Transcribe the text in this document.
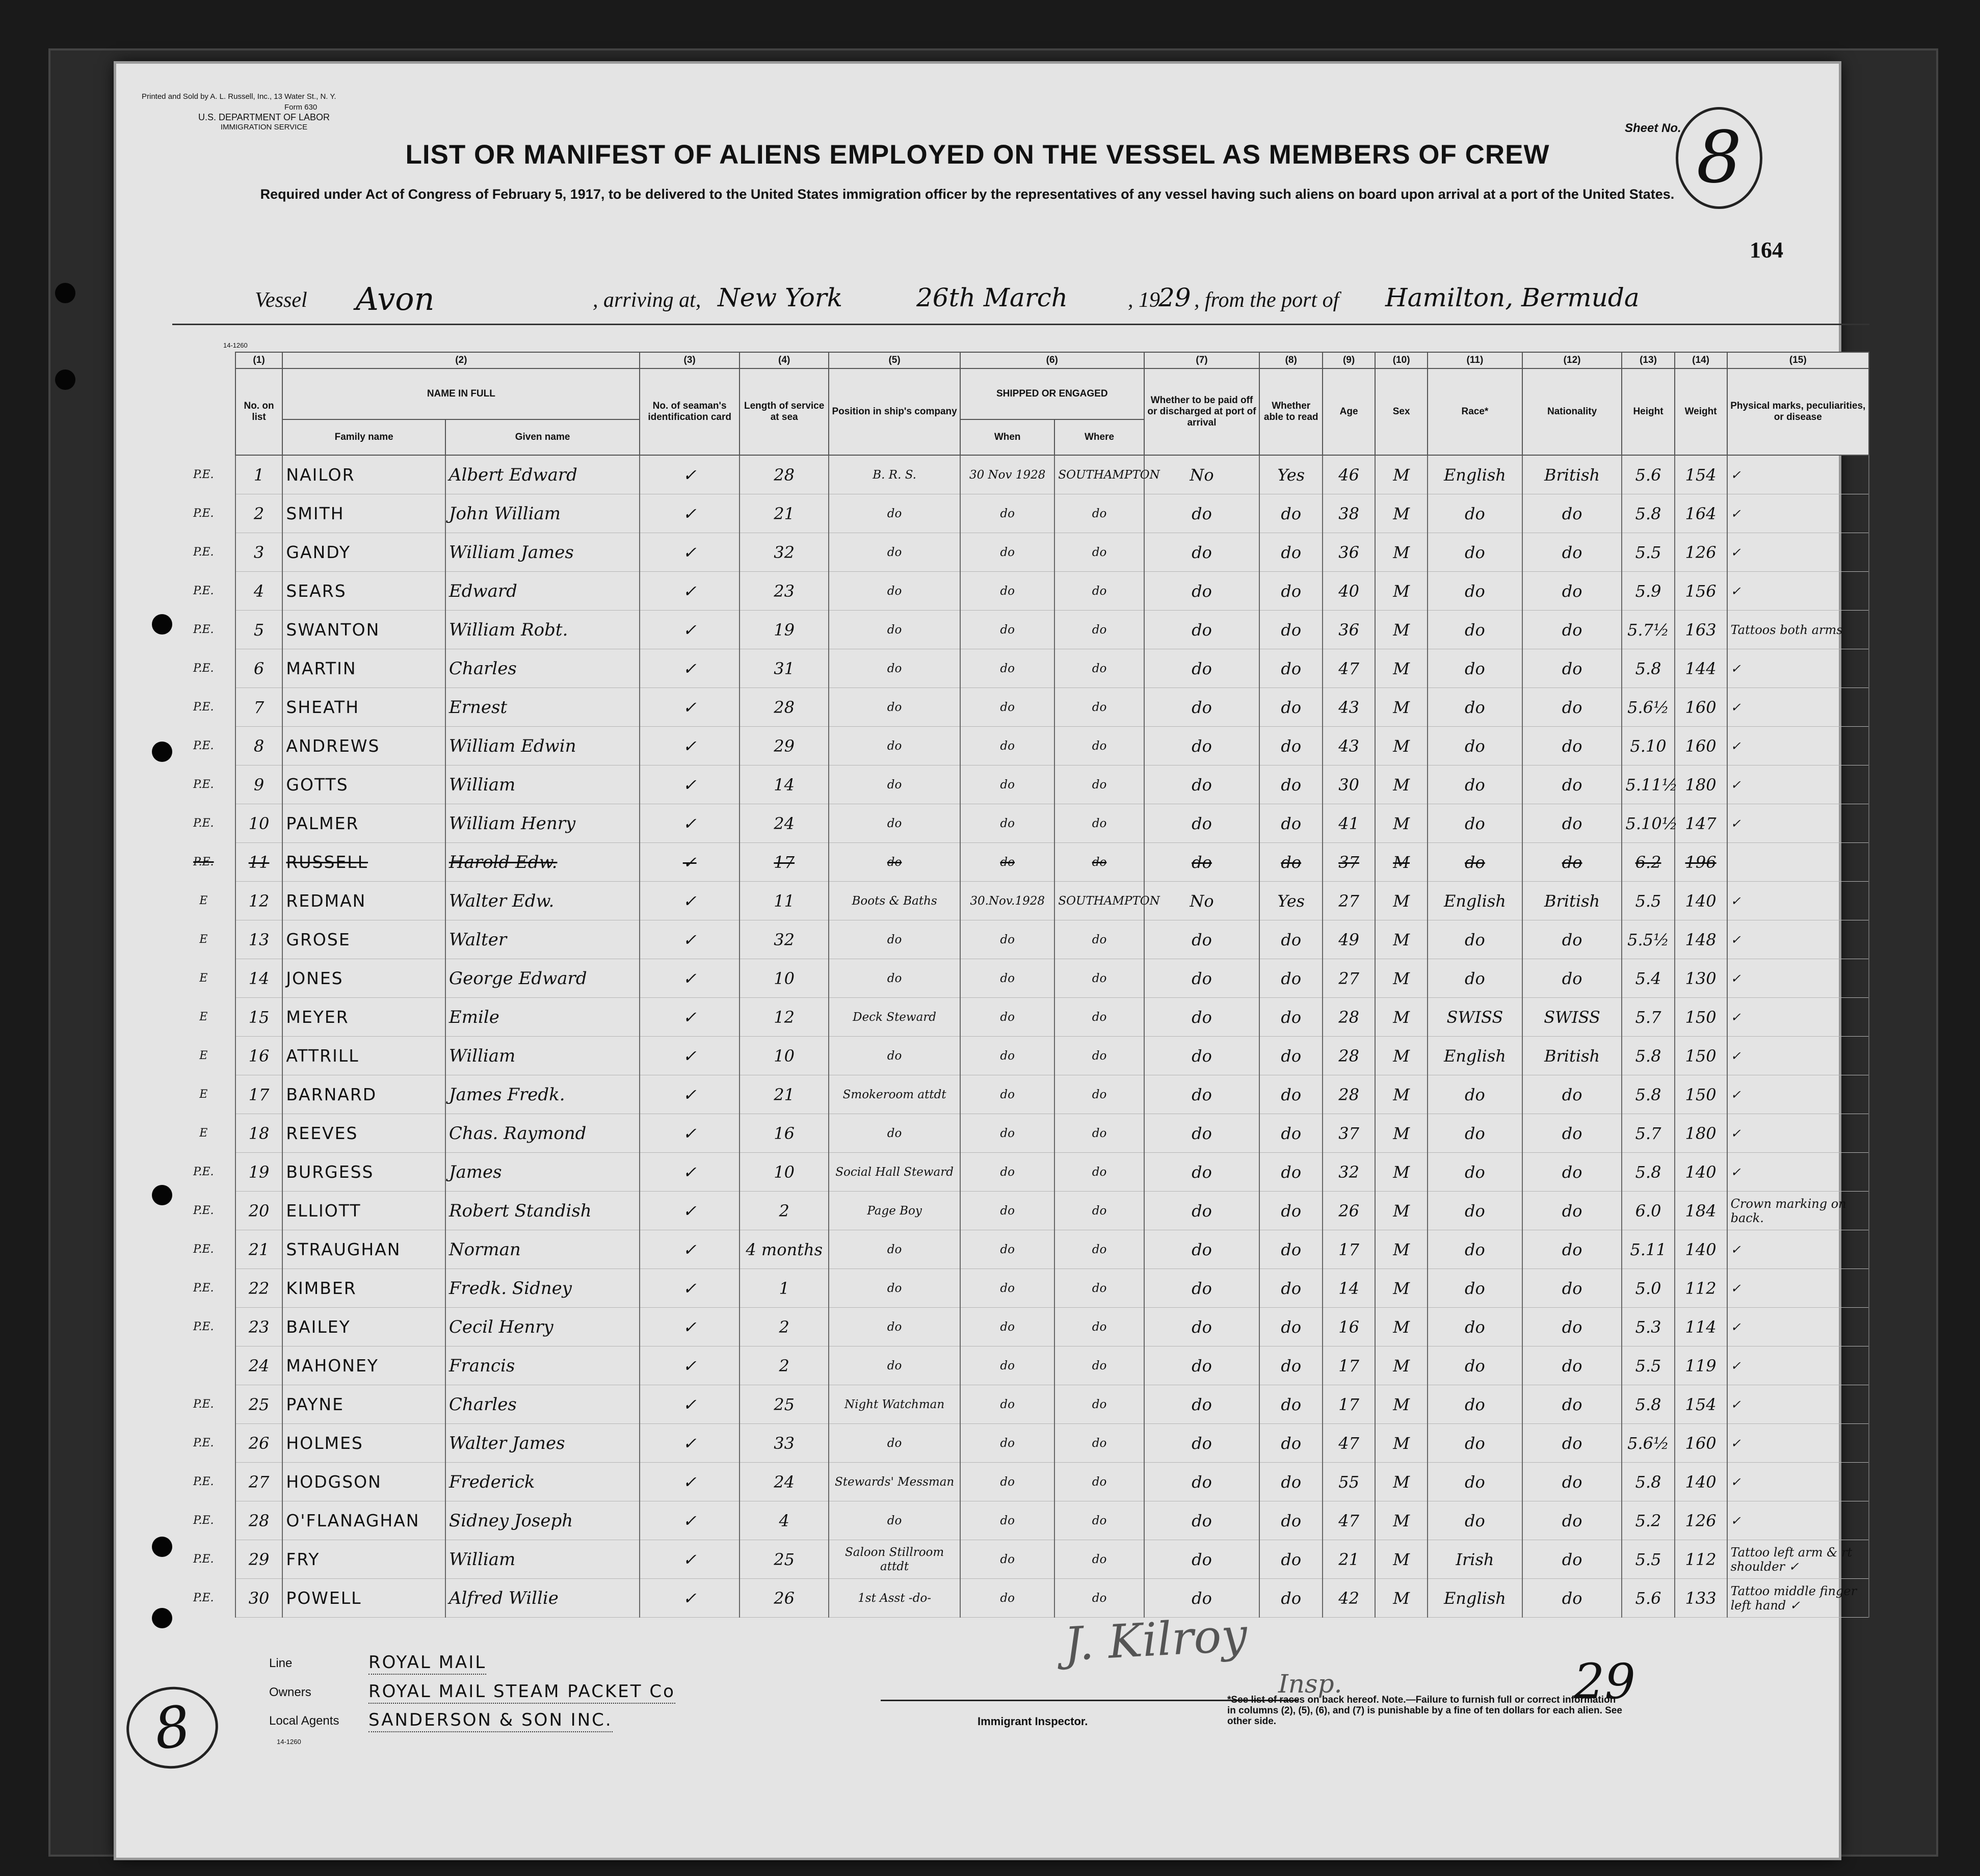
Printed and Sold by A. L. Russell, Inc., 13 Water St., N. Y.
Form 630
U.S. DEPARTMENT OF LABOR
IMMIGRATION SERVICE
LIST OR MANIFEST OF ALIENS EMPLOYED ON THE VESSEL AS MEMBERS OF CREW
Required under Act of Congress of February 5, 1917, to be delivered to the United States immigration officer by the representatives of any vessel having such aliens on board upon arrival at a port of the United States.
Sheet No. 8
164
Vessel Avon	, arriving at, New York	26th March	, 19
29 , from the port of Hamilton, Bermuda
14-1260
	(1)	(2)		(3)	(4)	(5)	(6)		(7)	(8)	(9)	(10)	(11)	(12)	(13)	(14)	(15)
	No. on list	NAME IN FULL		No. of seaman's identification card	Length of service at sea	Position in ship's company	SHIPPED OR ENGAGED		Whether to be paid off or discharged at port of arrival	Whether able to read	Age	Sex	Race*	Nationality	Height	Weight	Physical marks, peculiarities, or disease
		Family name	Given name				When	Where									
P.E.	1	NAILOR	Albert Edward	✓	28	B. R. S.	30 Nov 1928	SOUTHAMPTON	No	Yes	46	M	English	British	5.6	154	✓
P.E.	2	SMITH	John William	✓	21	do	do	do	do	do	38	M	do	do	5.8	164	✓
P.E.	3	GANDY	William James	✓	32	do	do	do	do	do	36	M	do	do	5.5	126	✓
P.E.	4	SEARS	Edward	✓	23	do	do	do	do	do	40	M	do	do	5.9	156	✓
P.E.	5	SWANTON	William Robt.	✓	19	do	do	do	do	do	36	M	do	do	5.7½	163	Tattoos both arms
P.E.	6	MARTIN	Charles	✓	31	do	do	do	do	do	47	M	do	do	5.8	144	✓
P.E.	7	SHEATH	Ernest	✓	28	do	do	do	do	do	43	M	do	do	5.6½	160	✓
P.E.	8	ANDREWS	William Edwin	✓	29	do	do	do	do	do	43	M	do	do	5.10	160	✓
P.E.	9	GOTTS	William	✓	14	do	do	do	do	do	30	M	do	do	5.11½	180	✓
P.E.	10	PALMER	William Henry	✓	24	do	do	do	do	do	41	M	do	do	5.10½	147	✓
P.E.	11	RUSSELL	Harold Edw.	✓	17	do	do	do	do	do	37	M	do	do	6.2	196	
E	12	REDMAN	Walter Edw.	✓	11	Boots & Baths	30.Nov.1928	SOUTHAMPTON	No	Yes	27	M	English	British	5.5	140	✓
E	13	GROSE	Walter	✓	32	do	do	do	do	do	49	M	do	do	5.5½	148	✓
E	14	JONES	George Edward	✓	10	do	do	do	do	do	27	M	do	do	5.4	130	✓
E	15	MEYER	Emile	✓	12	Deck Steward	do	do	do	do	28	M	SWISS	SWISS	5.7	150	✓
E	16	ATTRILL	William	✓	10	do	do	do	do	do	28	M	English	British	5.8	150	✓
E	17	BARNARD	James Fredk.	✓	21	Smokeroom attdt	do	do	do	do	28	M	do	do	5.8	150	✓
E	18	REEVES	Chas. Raymond	✓	16	do	do	do	do	do	37	M	do	do	5.7	180	✓
P.E.	19	BURGESS	James	✓	10	Social Hall Steward	do	do	do	do	32	M	do	do	5.8	140	✓
P.E.	20	ELLIOTT	Robert Standish	✓	2	Page Boy	do	do	do	do	26	M	do	do	6.0	184	Crown marking on back.
P.E.	21	STRAUGHAN	Norman	✓	4 months	do	do	do	do	do	17	M	do	do	5.11	140	✓
P.E.	22	KIMBER	Fredk. Sidney	✓	1	do	do	do	do	do	14	M	do	do	5.0	112	✓
P.E.	23	BAILEY	Cecil Henry	✓	2	do	do	do	do	do	16	M	do	do	5.3	114	✓
	24	MAHONEY	Francis	✓	2	do	do	do	do	do	17	M	do	do	5.5	119	✓
P.E.	25	PAYNE	Charles	✓	25	Night Watchman	do	do	do	do	17	M	do	do	5.8	154	✓
P.E.	26	HOLMES	Walter James	✓	33	do	do	do	do	do	47	M	do	do	5.6½	160	✓
P.E.	27	HODGSON	Frederick	✓	24	Stewards' Messman	do	do	do	do	55	M	do	do	5.8	140	✓
P.E.	28	O'FLANAGHAN	Sidney Joseph	✓	4	do	do	do	do	do	47	M	do	do	5.2	126	✓
P.E.	29	FRY	William	✓	25	Saloon Stillroom attdt	do	do	do	do	21	M	Irish	do	5.5	112	Tattoo left arm & rt shoulder ✓
P.E.	30	POWELL	Alfred Willie	✓	26	1st Asst -do-	do	do	do	do	42	M	English	do	5.6	133	Tattoo middle finger left hand ✓
Line	ROYAL MAIL
Owners	ROYAL MAIL STEAM PACKET Co
Local Agents SANDERSON & SON INC.
14-1260
8
J. Kilroy
Insp.	29
Immigrant Inspector.
*See list of races on back hereof. Note.—Failure to furnish full or correct information in columns (2), (5), (6), and (7) is punishable by a fine of ten dollars for each alien. See other side.
